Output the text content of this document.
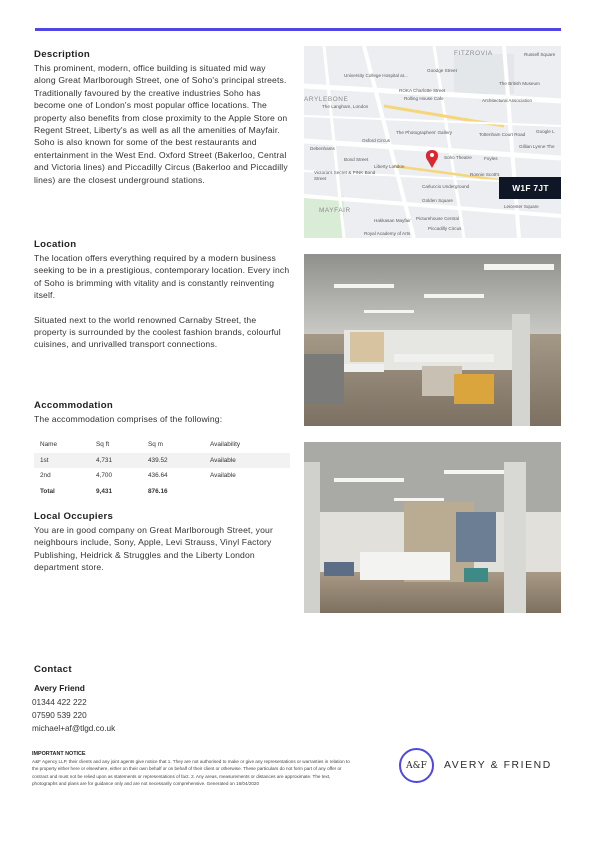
Description
This prominent, modern, office building is situated mid way along Great Marlborough Street, one of Soho's principal streets. Traditionally favoured by the creative industries Soho has become one of London's most popular office locations. The property also benefits from close proximity to the Apple Store on Regent Street, Liberty's as well as all the amenities of Mayfair. Soho is also known for some of the best restaurants and entertainment in the West End. Oxford Street (Bakerloo, Central and Victoria lines) and Piccadilly Circus (Bakerloo and Piccadilly lines) are the closest underground stations.
Location
The location offers everything required by a modern business seeking to be in a prestigious, contemporary location. Every inch of Soho is brimming with vitality and is constantly reinventing itself.
Situated next to the world renowned Carnaby Street, the property is surrounded by the coolest fashion brands, colourful cuisines, and unrivalled transport connections.
Accommodation
The accommodation comprises of the following:
Name	Sq ft	Sq m	Availability
1st	4,731	439.52	Available
2nd	4,700	436.64	Available
Total	9,431	876.16	
Local Occupiers
You are in good company on Great Marlborough Street, your neighbours include, Sony, Apple, Levi Strauss, Vinyl Factory Publishing, Heidrick & Struggles and the Liberty London department store.
FITZROVIA
ARYLEBONE
MAYFAIR
Goodge Street
Russell Square
University College Hospital at...
ROKA Charlotte Street
The British Museum
The Langham, London
Rolling House Cafe	Architectural Association
Oxford Circus
The Photographers' Gallery	Tottenham Court Road
Debenhams
Bond Street
Liberty London
Soho Theatre	Foyles
Victoria's Secret & PINK Bond Street
Carluccio Underground
Ronnie Scott's
Golden Square
Hakkasan Mayfair Picturehouse Central
Leicester Square
Piccadilly Circus
Royal Academy of Arts
Google L
Gillian Lynne The
W1F 7JT
Contact
Avery Friend
01344 422 222
07590 539 220
michael+af@tlgd.co.uk
IMPORTANT NOTICE
A&F Agency LLP, their clients and any joint agents give notice that 1. They are not authorised to make or give any representations or warranties in relation to the property either here or elsewhere, either on their own behalf or on behalf of their client or otherwise. These particulars do not form part of any offer or contract and must not be relied upon as statements or representations of fact. 2. Any areas, measurements or distances are approximate. The text, photographs and plans are for guidance only and are not necessarily comprehensive. Generated on 16/04/2020
A&F	AVERY & FRIEND
